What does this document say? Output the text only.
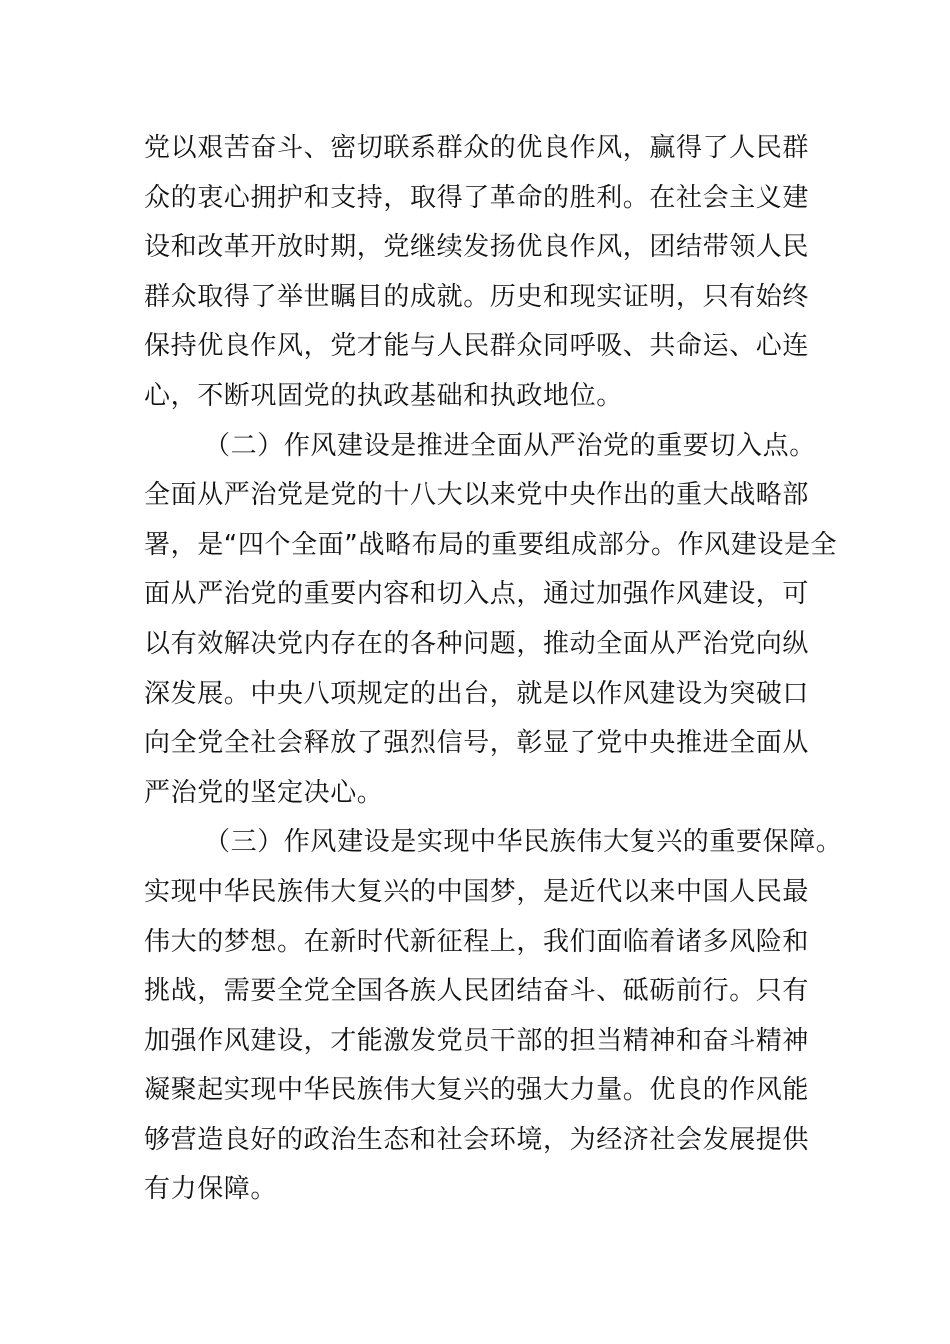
党以艰苦奋斗、密切联系群众的优良作风，赢得了人民群
众的衷心拥护和支持，取得了革命的胜利。在社会主义建
设和改革开放时期，党继续发扬优良作风，团结带领人民
群众取得了举世瞩目的成就。历史和现实证明，只有始终
保持优良作风，党才能与人民群众同呼吸、共命运、心连
心，不断巩固党的执政基础和执政地位。
（二）作风建设是推进全面从严治党的重要切入点。
全面从严治党是党的十八大以来党中央作出的重大战略部
署，是“四个全面”战略布局的重要组成部分。作风建设是全
面从严治党的重要内容和切入点，通过加强作风建设，可
以有效解决党内存在的各种问题，推动全面从严治党向纵
深发展。中央八项规定的出台，就是以作风建设为突破口
向全党全社会释放了强烈信号，彰显了党中央推进全面从
严治党的坚定决心。
（三）作风建设是实现中华民族伟大复兴的重要保障。
实现中华民族伟大复兴的中国梦，是近代以来中国人民最
伟大的梦想。在新时代新征程上，我们面临着诸多风险和
挑战，需要全党全国各族人民团结奋斗、砥砺前行。只有
加强作风建设，才能激发党员干部的担当精神和奋斗精神
凝聚起实现中华民族伟大复兴的强大力量。优良的作风能
够营造良好的政治生态和社会环境，为经济社会发展提供
有力保障。
